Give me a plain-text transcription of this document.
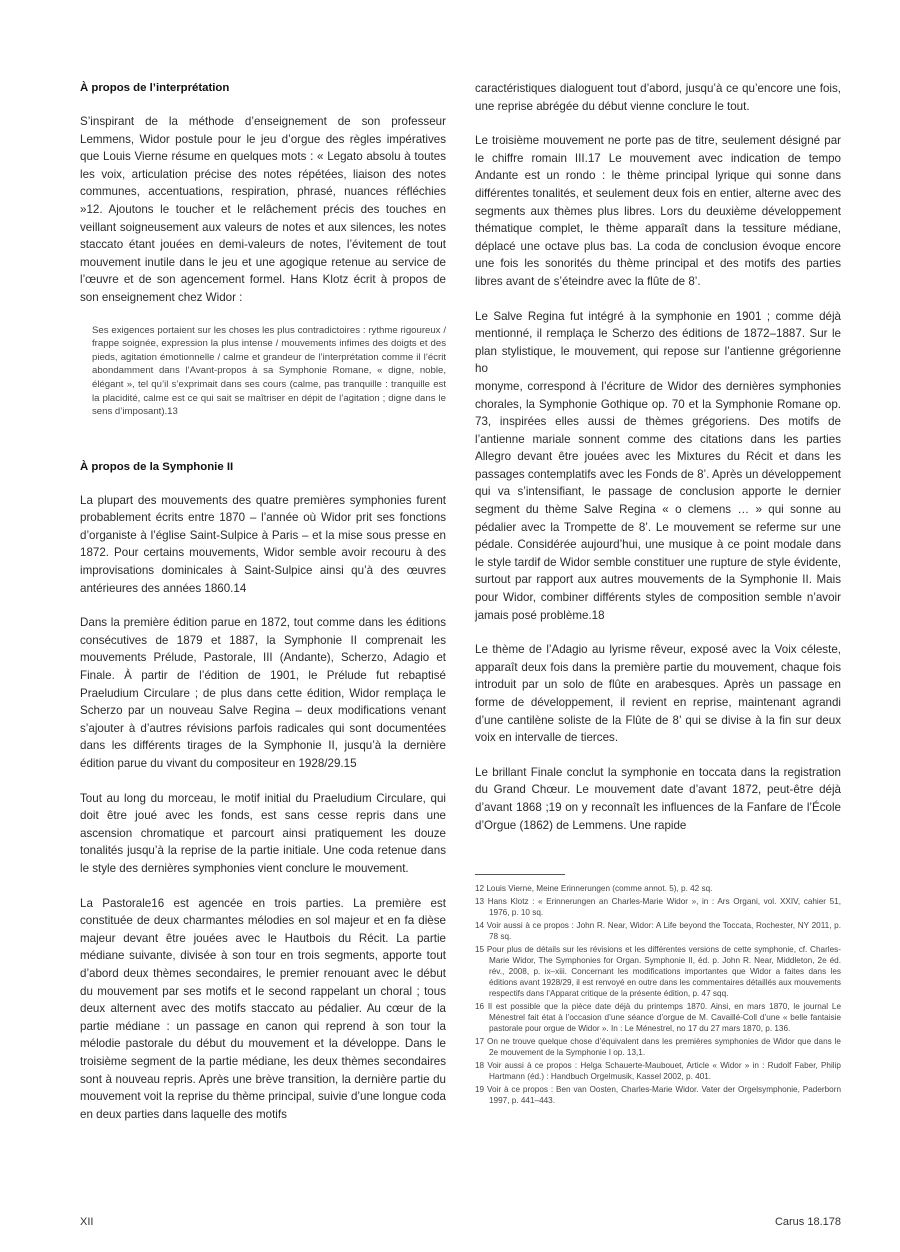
À propos de l’interprétation

S’inspirant de la méthode d’enseignement de son professeur Lemmens, Widor postule pour le jeu d’orgue des règles impératives que Louis Vierne résume en quelques mots : « Legato absolu à toutes les voix, articulation précise des notes répétées, liaison des notes communes, accentuations, respiration, phrasé, nuances réfléchies »12. Ajoutons le toucher et le relâchement précis des touches en veillant soigneusement aux valeurs de notes et aux silences, les notes staccato étant jouées en demi-valeurs de notes, l’évitement de tout mouvement inutile dans le jeu et une agogique retenue au service de l’œuvre et de son agencement formel. Hans Klotz écrit à propos de son enseignement chez Widor :

Ses exigences portaient sur les choses les plus contradictoires : rythme rigoureux / frappe soignée, expression la plus intense / mouvements infimes des doigts et des pieds, agitation émotionnelle / calme et grandeur de l’interprétation comme il l’écrit abondamment dans l’Avant-propos à sa Symphonie Romane, « digne, noble, élégant », tel qu’il s’exprimait dans ses cours (calme, pas tranquille : tranquille est la placidité, calme est ce qui sait se maîtriser en dépit de l’agitation ; digne dans le sens d’imposant).13
À propos de la Symphonie II

La plupart des mouvements des quatre premières symphonies furent probablement écrits entre 1870 – l’année où Widor prit ses fonctions d’organiste à l’église Saint-Sulpice à Paris – et la mise sous presse en 1872. Pour certains mouvements, Widor semble avoir recouru à des improvisations dominicales à Saint-Sulpice ainsi qu’à des œuvres antérieures des années 1860.14

Dans la première édition parue en 1872, tout comme dans les éditions consécutives de 1879 et 1887, la Symphonie II comprenait les mouvements Prélude, Pastorale, III (Andante), Scherzo, Adagio et Finale. À partir de l’édition de 1901, le Prélude fut rebaptisé Praeludium Circulare ; de plus dans cette édition, Widor remplaça le Scherzo par un nouveau Salve Regina – deux modifications venant s’ajouter à d’autres révisions parfois radicales qui sont documentées dans les différents tirages de la Symphonie II, jusqu’à la dernière édition parue du vivant du compositeur en 1928/29.15

Tout au long du morceau, le motif initial du Praeludium Circulare, qui doit être joué avec les fonds, est sans cesse repris dans une ascension chromatique et parcourt ainsi pratiquement les douze tonalités jusqu’à la reprise de la partie initiale. Une coda retenue dans le style des dernières symphonies vient conclure le mouvement.

La Pastorale16 est agencée en trois parties. La première est constituée de deux charmantes mélodies en sol majeur et en fa dièse majeur devant être jouées avec le Hautbois du Récit. La partie médiane suivante, divisée à son tour en trois segments, apporte tout d’abord deux thèmes secondaires, le premier renouant avec le début du mouvement par ses motifs et le second rappelant un choral ; tous deux alternent avec des motifs staccato au pédalier. Au cœur de la partie médiane : un passage en canon qui reprend à son tour la mélodie pastorale du début du mouvement et la développe. Dans le troisième segment de la partie médiane, les deux thèmes secondaires sont à nouveau repris. Après une brève transition, la dernière partie du mouvement voit la reprise du thème principal, suivie d’une longue coda en deux parties dans laquelle des motifs

caractéristiques dialoguent tout d’abord, jusqu’à ce qu’encore une fois, une reprise abrégée du début vienne conclure le tout.

Le troisième mouvement ne porte pas de titre, seulement désigné par le chiffre romain III.17 Le mouvement avec indication de tempo Andante est un rondo : le thème principal lyrique qui sonne dans différentes tonalités, et seulement deux fois en entier, alterne avec des segments aux thèmes plus libres. Lors du deuxième développement thématique complet, le thème apparaît dans la tessiture médiane, déplacé une octave plus bas. La coda de conclusion évoque encore une fois les sonorités du thème principal et des motifs des parties libres avant de s’éteindre avec la flûte de 8’.

Le Salve Regina fut intégré à la symphonie en 1901 ; comme déjà mentionné, il remplaça le Scherzo des éditions de 1872–1887. Sur le plan stylistique, le mouvement, qui repose sur l’antienne grégorienne ho

monyme, correspond à l’écriture de Widor des dernières symphonies chorales, la Symphonie Gothique op. 70 et la Symphonie Romane op. 73, inspirées elles aussi de thèmes grégoriens. Des motifs de l’antienne mariale sonnent comme des citations dans les parties Allegro devant être jouées avec les Mixtures du Récit et dans les passages contemplatifs avec les Fonds de 8’. Après un développement qui va s’intensifiant, le passage de conclusion apporte le dernier segment du thème Salve Regina « o clemens … » qui sonne au pédalier avec la Trompette de 8’. Le mouvement se referme sur une pédale. Considérée aujourd’hui, une musique à ce point modale dans le style tardif de Widor semble constituer une rupture de style évidente, surtout par rapport aux autres mouvements de la Symphonie II. Mais pour Widor, combiner différents styles de composition semble n’avoir jamais posé problème.18

Le thème de l’Adagio au lyrisme rêveur, exposé avec la Voix céleste, apparaît deux fois dans la première partie du mouvement, chaque fois introduit par un solo de flûte en arabesques. Après un passage en forme de développement, il revient en reprise, maintenant agrandi d’une cantilène soliste de la Flûte de 8’ qui se divise à la fin sur deux voix en intervalle de tierces.

Le brillant Finale conclut la symphonie en toccata dans la registration du Grand Chœur. Le mouvement date d’avant 1872, peut-être déjà d’avant 1868 ;19 on y reconnaît les influences de la Fanfare de l’École d’Orgue (1862) de Lemmens. Une rapide

12 Louis Vierne, Meine Erinnerungen (comme annot. 5), p. 42 sq.
13 Hans Klotz : « Erinnerungen an Charles-Marie Widor », in : Ars Organi, vol. XXIV, cahier 51, 1976, p. 10 sq.
14 Voir aussi à ce propos : John R. Near, Widor: A Life beyond the Toccata, Rochester, NY 2011, p. 78 sq.
15 Pour plus de détails sur les révisions et les différentes versions de cette symphonie, cf. Charles-Marie Widor, The Symphonies for Organ. Symphonie II, éd. p. John R. Near, Middleton, 2e éd. rév., 2008, p. ix–xiii. Concernant les modifications importantes que Widor a faites dans les éditions avant 1928/29, il est renvoyé en outre dans les commentaires détaillés aux mouvements respectifs dans l’Apparat critique de la présente édition, p. 47 sqq.
16 Il est possible que la pièce date déjà du printemps 1870. Ainsi, en mars 1870, le journal Le Ménestrel fait état à l’occasion d’une séance d’orgue de M. Cavaillé-Coll d’une « belle fantaisie pastorale pour orgue de Widor ». In : Le Ménestrel, no 17 du 27 mars 1870, p. 136.
17 On ne trouve quelque chose d’équivalent dans les premières symphonies de Widor que dans le 2e mouvement de la Symphonie I op. 13,1.
18 Voir aussi à ce propos : Helga Schauerte-Maubouet, Article « Widor » in : Rudolf Faber, Philip Hartmann (éd.) : Handbuch Orgelmusik, Kassel 2002, p. 401.
19 Voir à ce propos : Ben van Oosten, Charles-Marie Widor. Vater der Orgelsymphonie, Paderborn 1997, p. 441–443.
XII	Carus 18.178
